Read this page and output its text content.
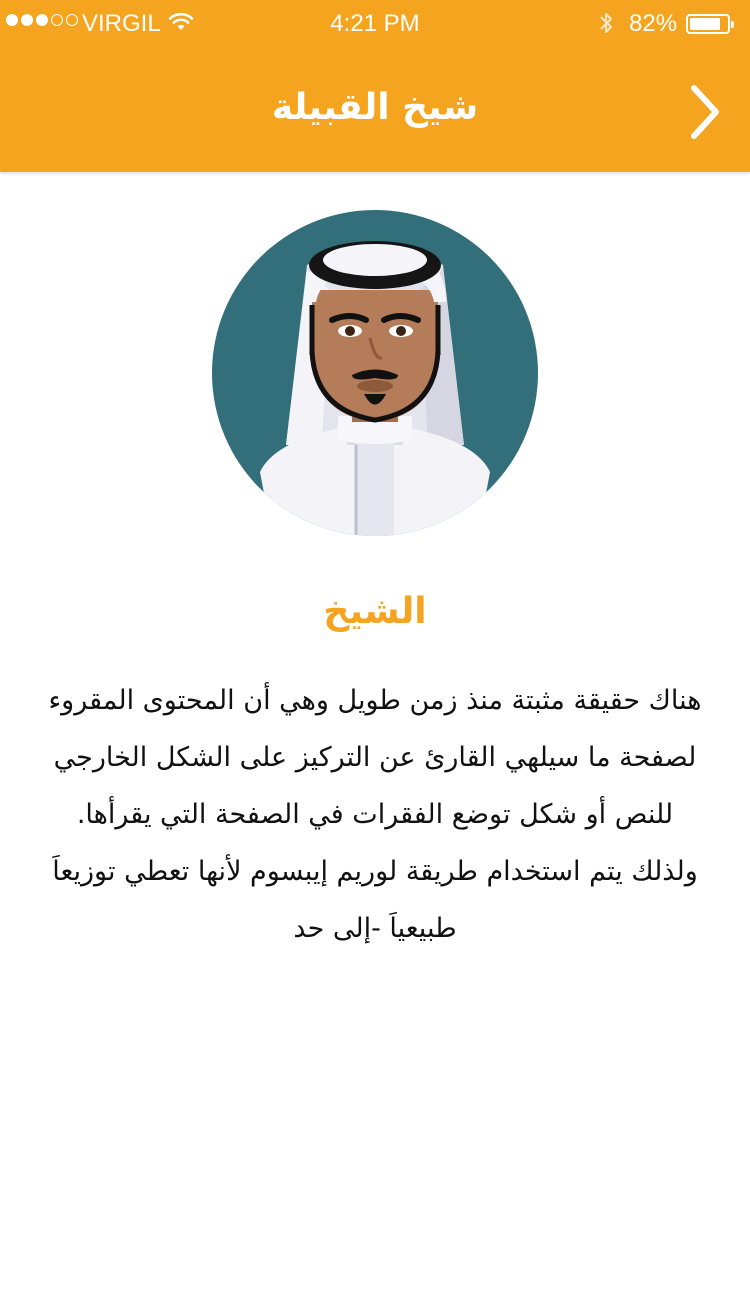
VIRGIL	4:21 PM	82%
شيخ القبيلة
الشيخ
هناك حقيقة مثبتة منذ زمن طويل وهي أن المحتوى المقروء لصفحة ما سيلهي القارئ عن التركيز على الشكل الخارجي للنص أو شكل توضع الفقرات في الصفحة التي يقرأها. ولذلك يتم استخدام طريقة لوريم إيبسوم لأنها تعطي توزيعاَ طبيعياَ -إلى حد
